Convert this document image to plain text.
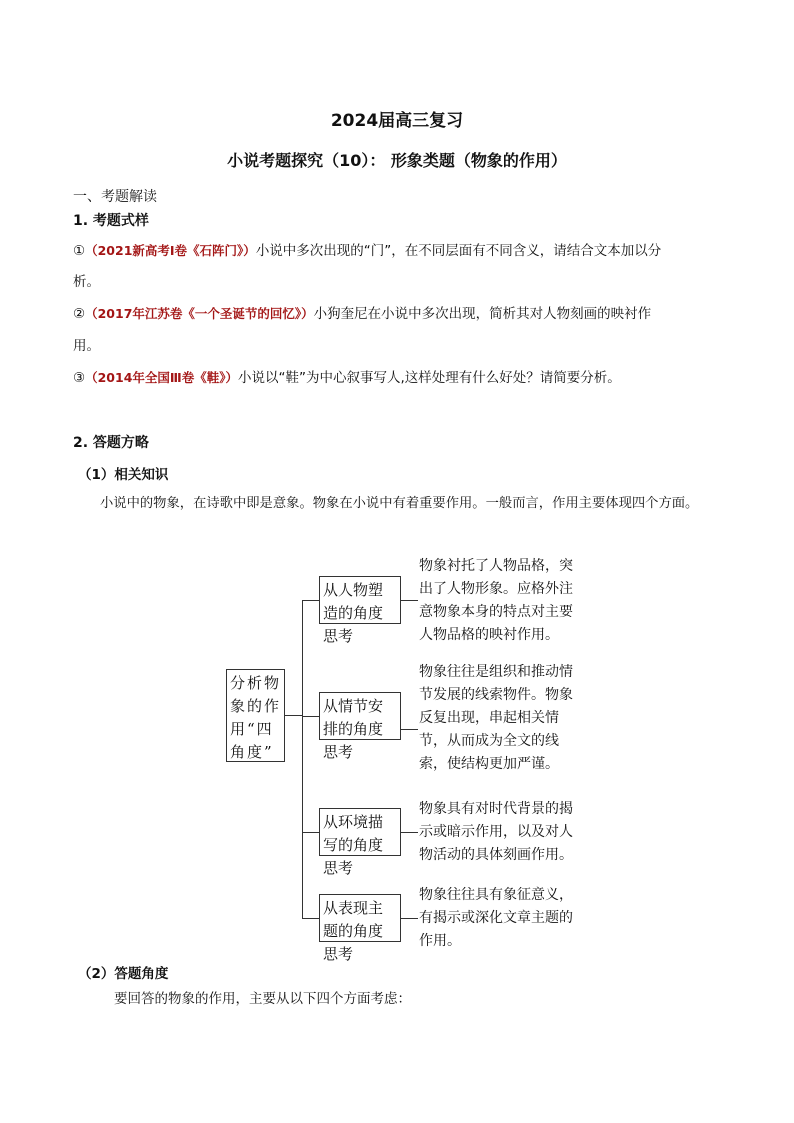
2024届高三复习
小说考题探究（10）： 形象类题（物象的作用）
一、考题解读
1. 考题式样
①（2021新高考Ⅰ卷《石阵门》）小说中多次出现的“门”，在不同层面有不同含义，请结合文本加以分
析。
②（2017年江苏卷《一个圣诞节的回忆》）小狗奎尼在小说中多次出现，简析其对人物刻画的映衬作
用。
③（2014年全国Ⅲ卷《鞋》）小说以“鞋”为中心叙事写人,这样处理有什么好处？请简要分析。
2. 答题方略
（1）相关知识
小说中的物象，在诗歌中即是意象。物象在小说中有着重要作用。一般而言，作用主要体现四个方面。
分析物象的作用“四角度”
从人物塑造的角度思考
从情节安排的角度思考
从环境描写的角度思考
从表现主题的角度思考
物象衬托了人物品格，突出了人物形象。应格外注意物象本身的特点对主要人物品格的映衬作用。
物象往往是组织和推动情节发展的线索物件。物象反复出现，串起相关情节，从而成为全文的线索，使结构更加严谨。
物象具有对时代背景的揭示或暗示作用，以及对人物活动的具体刻画作用。
物象往往具有象征意义，有揭示或深化文章主题的作用。
（2）答题角度
要回答的物象的作用，主要从以下四个方面考虑：
